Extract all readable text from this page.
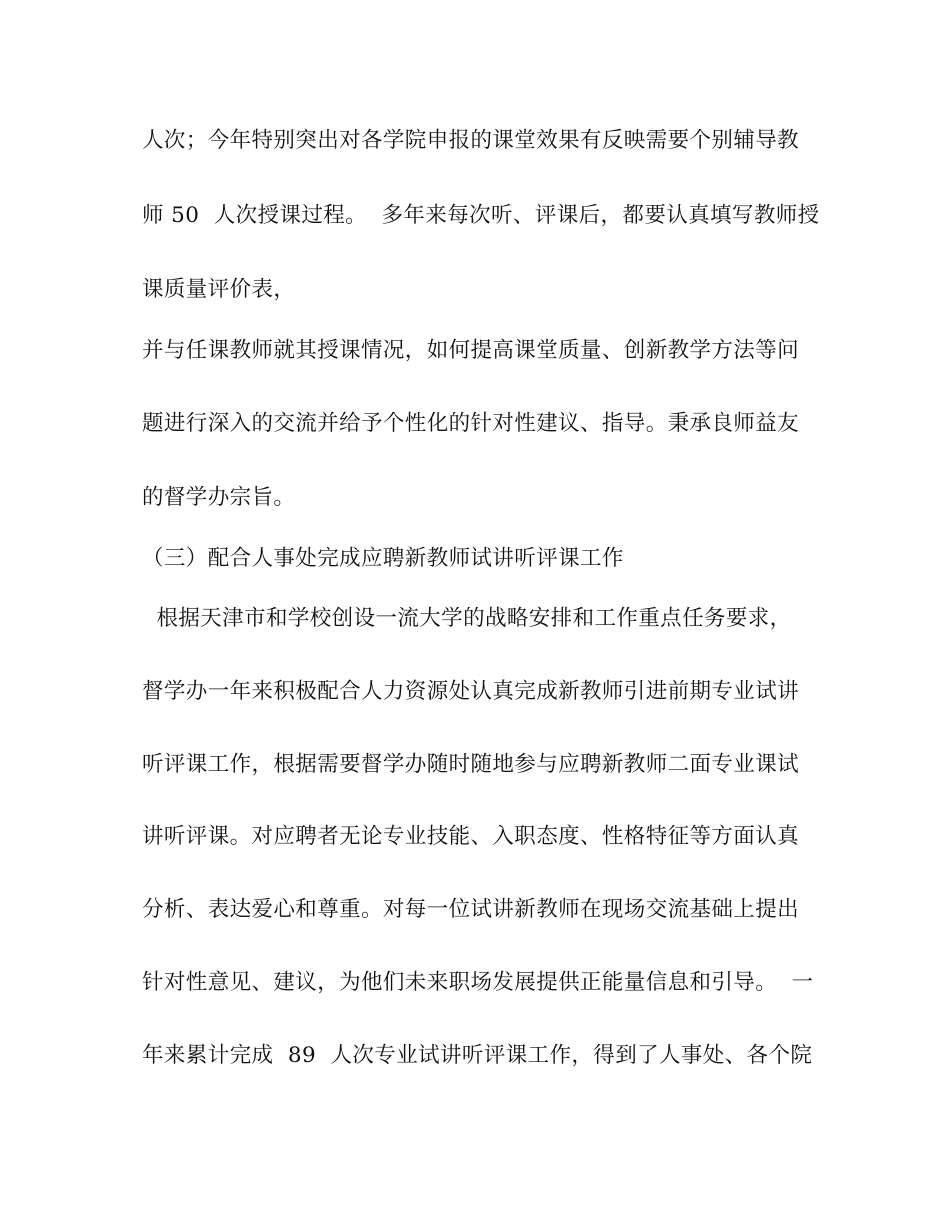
人次；今年特别突出对各学院申报的课堂效果有反映需要个别辅导教
师 50  人次授课过程。  多年来每次听、评课后，都要认真填写教师授
课质量评价表，
并与任课教师就其授课情况，如何提高课堂质量、创新教学方法等问
题进行深入的交流并给予个性化的针对性建议、指导。秉承良师益友
的督学办宗旨。
（三）配合人事处完成应聘新教师试讲听评课工作
根据天津市和学校创设一流大学的战略安排和工作重点任务要求，
督学办一年来积极配合人力资源处认真完成新教师引进前期专业试讲
听评课工作，根据需要督学办随时随地参与应聘新教师二面专业课试
讲听评课。对应聘者无论专业技能、入职态度、性格特征等方面认真
分析、表达爱心和尊重。对每一位试讲新教师在现场交流基础上提出
针对性意见、建议，为他们未来职场发展提供正能量信息和引导。  一
年来累计完成  89  人次专业试讲听评课工作，得到了人事处、各个院
